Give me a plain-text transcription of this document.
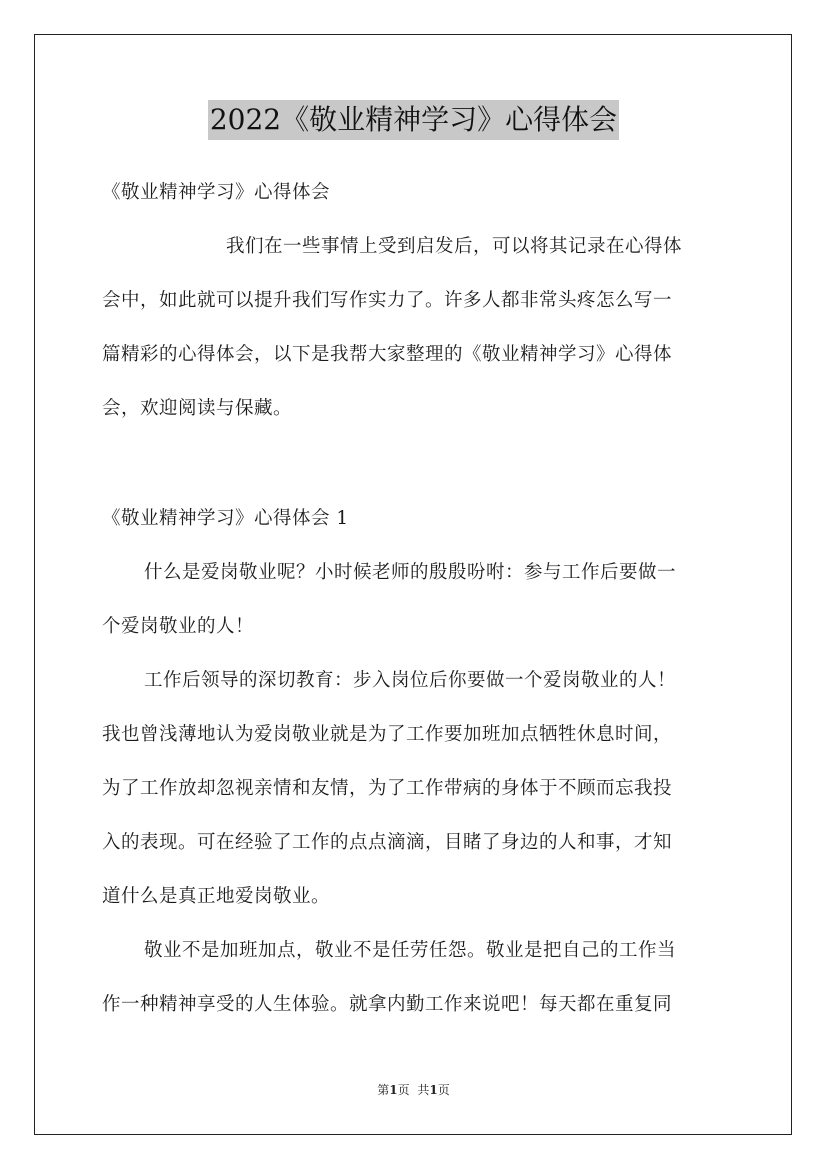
2022《敬业精神学习》心得体会
《敬业精神学习》心得体会
我们在一些事情上受到启发后，可以将其记录在心得体
会中，如此就可以提升我们写作实力了。许多人都非常头疼怎么写一
篇精彩的心得体会，以下是我帮大家整理的《敬业精神学习》心得体
会，欢迎阅读与保藏。
《敬业精神学习》心得体会 1
什么是爱岗敬业呢？小时候老师的殷殷吩咐：参与工作后要做一
个爱岗敬业的人！
工作后领导的深切教育：步入岗位后你要做一个爱岗敬业的人！
我也曾浅薄地认为爱岗敬业就是为了工作要加班加点牺牲休息时间，
为了工作放却忽视亲情和友情，为了工作带病的身体于不顾而忘我投
入的表现。可在经验了工作的点点滴滴，目睹了身边的人和事，才知
道什么是真正地爱岗敬业。
敬业不是加班加点，敬业不是任劳任怨。敬业是把自己的工作当
作一种精神享受的人生体验。就拿内勤工作来说吧！每天都在重复同
第1页 共1页
